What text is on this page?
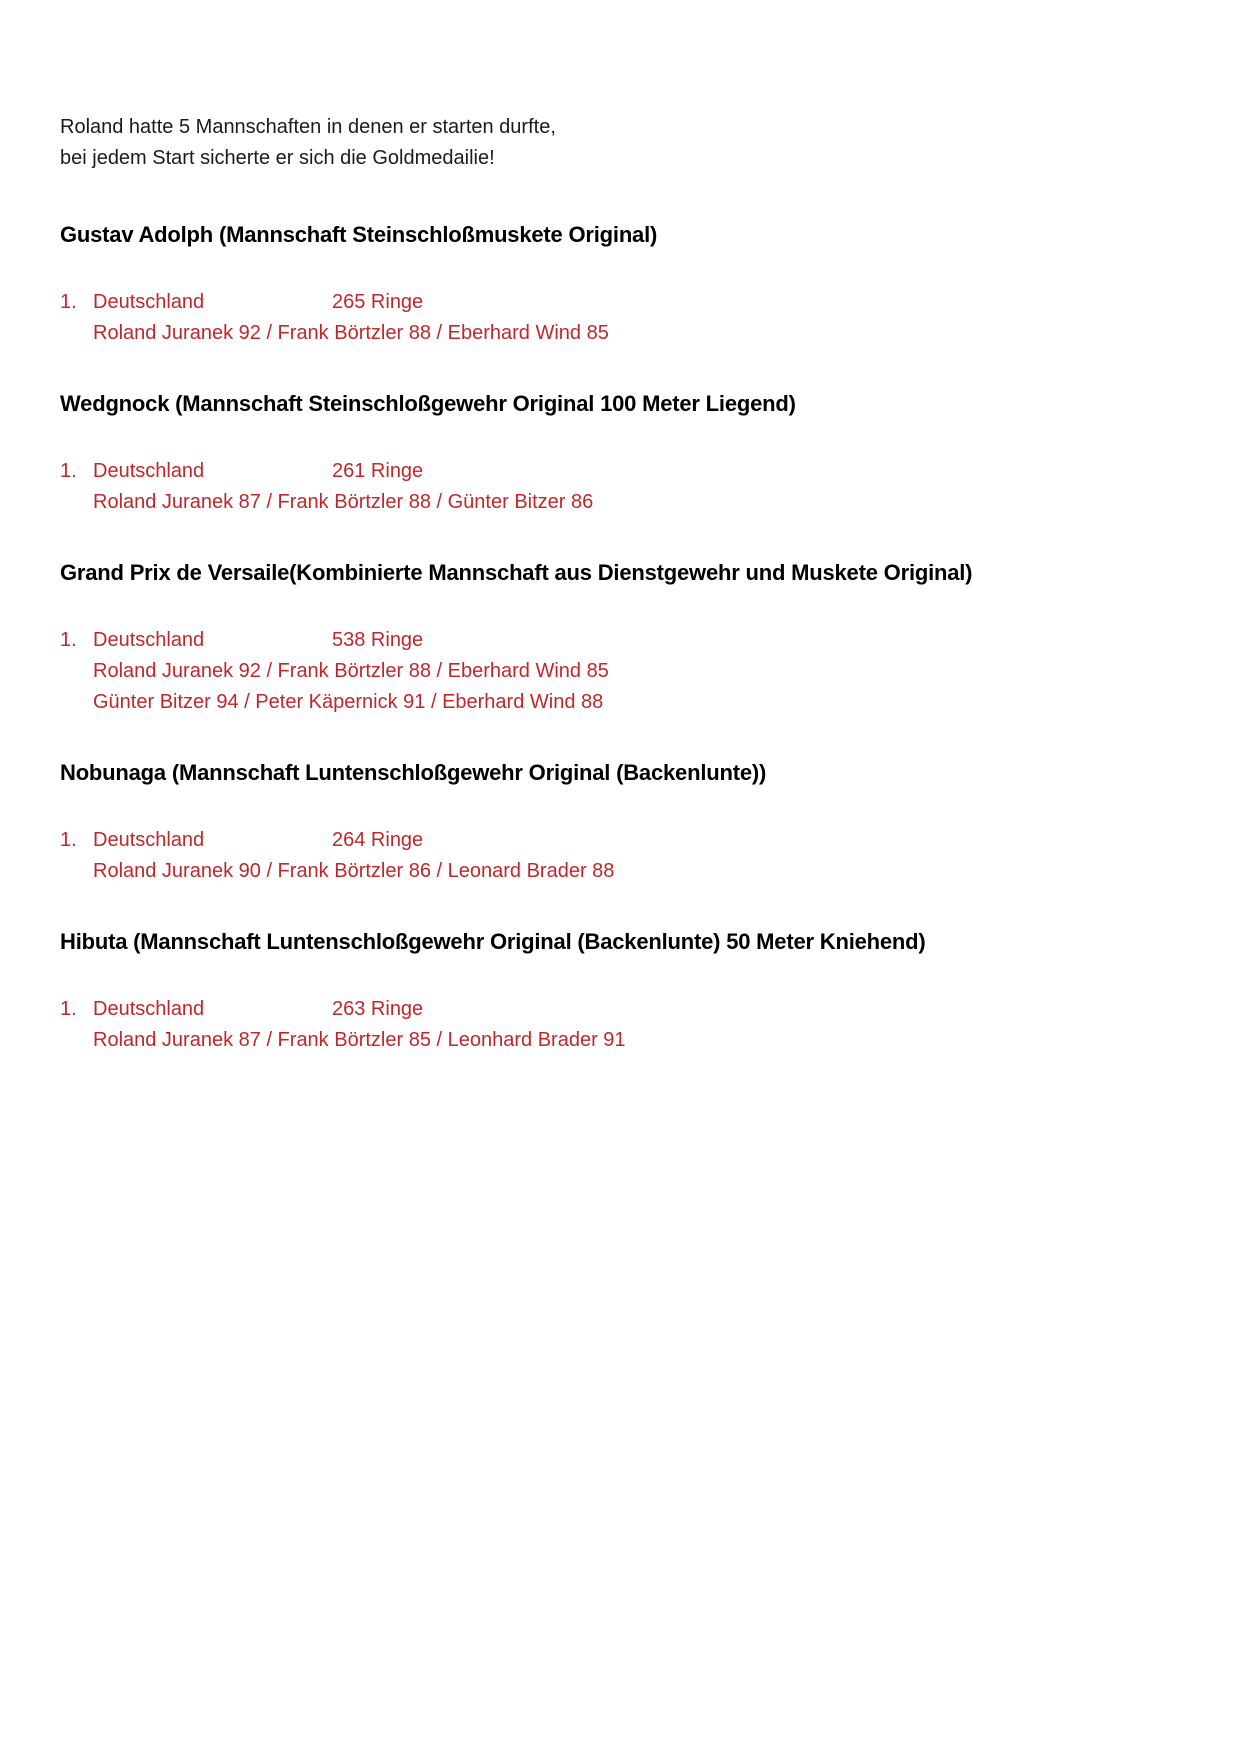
Roland hatte 5 Mannschaften in denen er starten durfte,
bei jedem Start sicherte er sich die Goldmedailie!
Gustav Adolph (Mannschaft Steinschloßmuskete Original)
1. Deutschland	265 Ringe
Roland Juranek 92 / Frank Börtzler 88 / Eberhard Wind 85
Wedgnock (Mannschaft Steinschloßgewehr Original 100 Meter Liegend)
1. Deutschland	261 Ringe
Roland Juranek 87 / Frank Börtzler 88 / Günter Bitzer 86
Grand Prix de Versaile(Kombinierte Mannschaft aus Dienstgewehr und Muskete Original)
1. Deutschland	538 Ringe
Roland Juranek 92 / Frank Börtzler 88 / Eberhard Wind 85
Günter Bitzer 94 / Peter Käpernick 91 / Eberhard Wind 88
Nobunaga (Mannschaft Luntenschloßgewehr Original (Backenlunte))
1. Deutschland	264 Ringe
Roland Juranek 90 / Frank Börtzler 86 / Leonard Brader 88
Hibuta (Mannschaft Luntenschloßgewehr Original (Backenlunte) 50 Meter Kniehend)
1. Deutschland	263 Ringe
Roland Juranek 87 / Frank Börtzler 85 / Leonhard Brader 91
